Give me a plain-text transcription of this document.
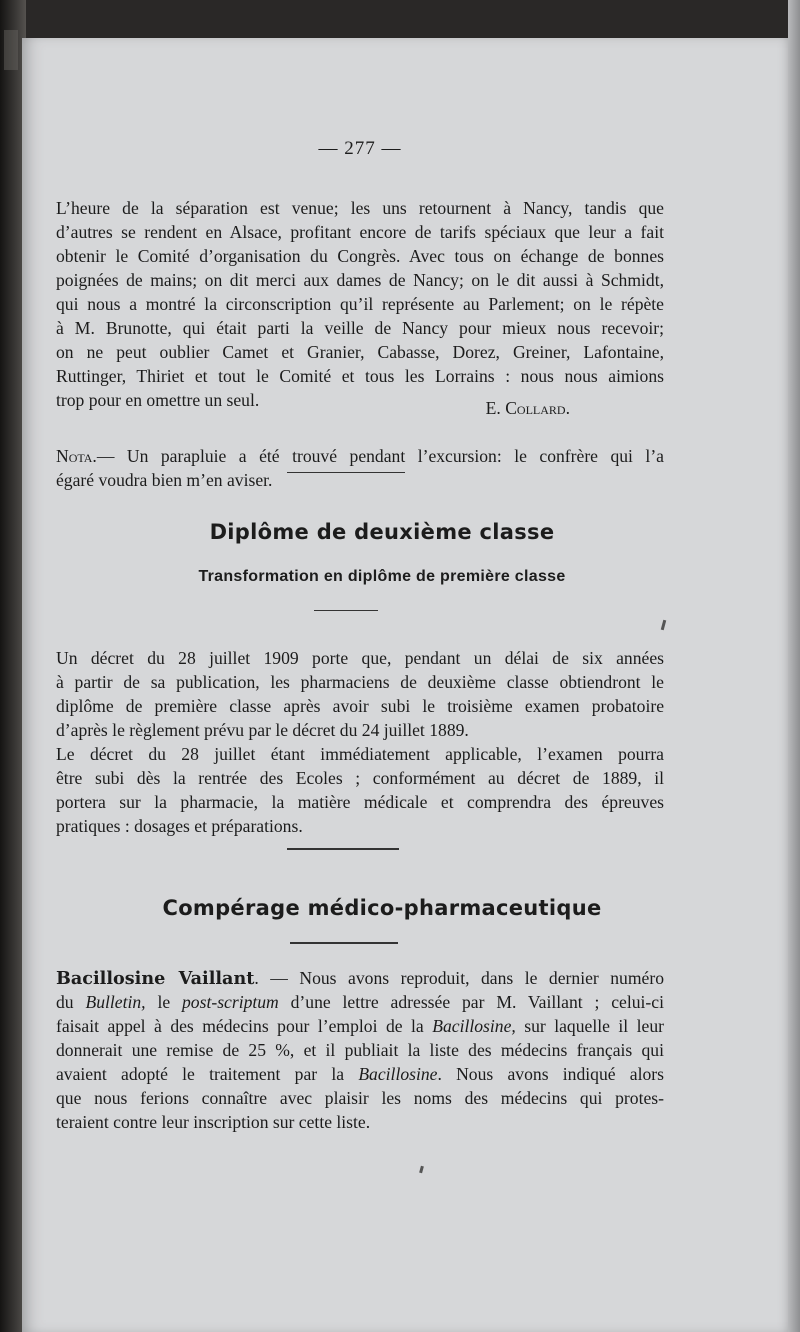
— 277 —
L’heure de la séparation est venue; les uns retournent à Nancy, tandis que
d’autres se rendent en Alsace, profitant encore de tarifs spéciaux que leur a fait
obtenir le Comité d’organisation du Congrès. Avec tous on échange de bonnes
poignées de mains; on dit merci aux dames de Nancy; on le dit aussi à Schmidt,
qui nous a montré la circonscription qu’il représente au Parlement; on le répète
à M. Brunotte, qui était parti la veille de Nancy pour mieux nous recevoir;
on ne peut oublier Camet et Granier, Cabasse, Dorez, Greiner, Lafontaine,
Ruttinger, Thiriet et tout le Comité et tous les Lorrains : nous nous aimions
trop pour en omettre un seul.	E. Collard.
Nota.— Un parapluie a été trouvé pendant l’excursion: le confrère qui l’a
égaré voudra bien m’en aviser.
Diplôme de deuxième classe
Transformation en diplôme de première classe
Un décret du 28 juillet 1909 porte que, pendant un délai de six années
à partir de sa publication, les pharmaciens de deuxième classe obtiendront le
diplôme de première classe après avoir subi le troisième examen probatoire
d’après le règlement prévu par le décret du 24 juillet 1889.
Le décret du 28 juillet étant immédiatement applicable, l’examen pourra
être subi dès la rentrée des Ecoles ; conformément au décret de 1889, il
portera sur la pharmacie, la matière médicale et comprendra des épreuves
pratiques : dosages et préparations.
Compérage médico-pharmaceutique
Bacillosine Vaillant. — Nous avons reproduit, dans le dernier numéro
du Bulletin, le post-scriptum d’une lettre adressée par M. Vaillant ; celui-ci
faisait appel à des médecins pour l’emploi de la Bacillosine, sur laquelle il leur
donnerait une remise de 25 %, et il publiait la liste des médecins français qui
avaient adopté le traitement par la Bacillosine. Nous avons indiqué alors
que nous ferions connaître avec plaisir les noms des médecins qui protes-
teraient contre leur inscription sur cette liste.
